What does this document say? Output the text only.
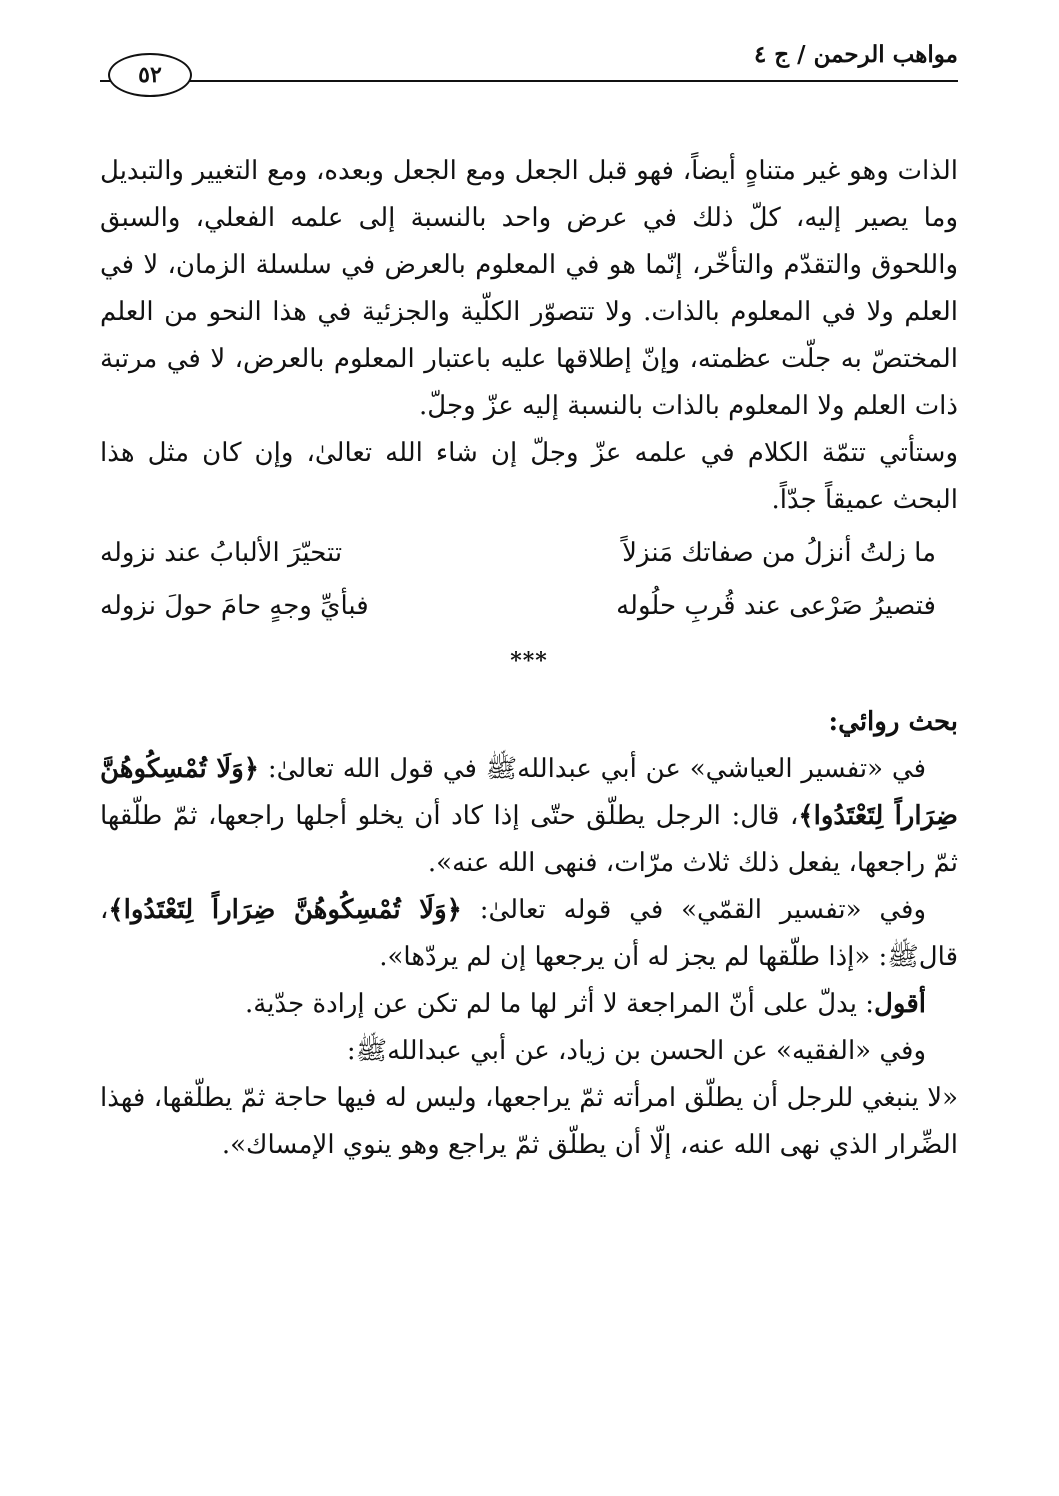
مواهب الرحمن / ج ٤
٥٢

الذات وهو غير متناهٍ أيضاً، فهو قبل الجعل ومع الجعل وبعده، ومع التغيير والتبديل وما يصير إليه، كلّ ذلك في عرض واحد بالنسبة إلى علمه الفعلي، والسبق واللحوق والتقدّم والتأخّر، إنّما هو في المعلوم بالعرض في سلسلة الزمان، لا في العلم ولا في المعلوم بالذات. ولا تتصوّر الكلّية والجزئية في هذا النحو من العلم المختصّ به جلّت عظمته، وإنّ إطلاقها عليه باعتبار المعلوم بالعرض، لا في مرتبة ذات العلم ولا المعلوم بالذات بالنسبة إليه عزّ وجلّ.

وستأتي تتمّة الكلام في علمه عزّ وجلّ إن شاء الله تعالىٰ، وإن كان مثل هذا البحث عميقاً جدّاً.

ما زلتُ أنزلُ من صفاتك مَنزلاً
تتحيّرَ الألبابُ عند نزوله
فتصيرُ صَرْعى عند قُربِ حلُوله
فبأيِّ وجهٍ حامَ حولَ نزوله
***

بحث روائي:

في «تفسير العياشي» عن أبي عبداللهﷺ في قول الله تعالىٰ: ﴿وَلَا تُمْسِكُوهُنَّ ضِرَاراً لِتَعْتَدُوا﴾، قال: الرجل يطلّق حتّى إذا كاد أن يخلو أجلها راجعها، ثمّ طلّقها ثمّ راجعها، يفعل ذلك ثلاث مرّات، فنهى الله عنه».

وفي «تفسير القمّي» في قوله تعالىٰ: ﴿وَلَا تُمْسِكُوهُنَّ ضِرَاراً لِتَعْتَدُوا﴾، قالﷺ: «إذا طلّقها لم يجز له أن يرجعها إن لم يردّها».

أقول: يدلّ على أنّ المراجعة لا أثر لها ما لم تكن عن إرادة جدّية.

وفي «الفقيه» عن الحسن بن زياد، عن أبي عبداللهﷺ:

«لا ينبغي للرجل أن يطلّق امرأته ثمّ يراجعها، وليس له فيها حاجة ثمّ يطلّقها، فهذا الضِّرار الذي نهى الله عنه، إلّا أن يطلّق ثمّ يراجع وهو ينوي الإمساك».
